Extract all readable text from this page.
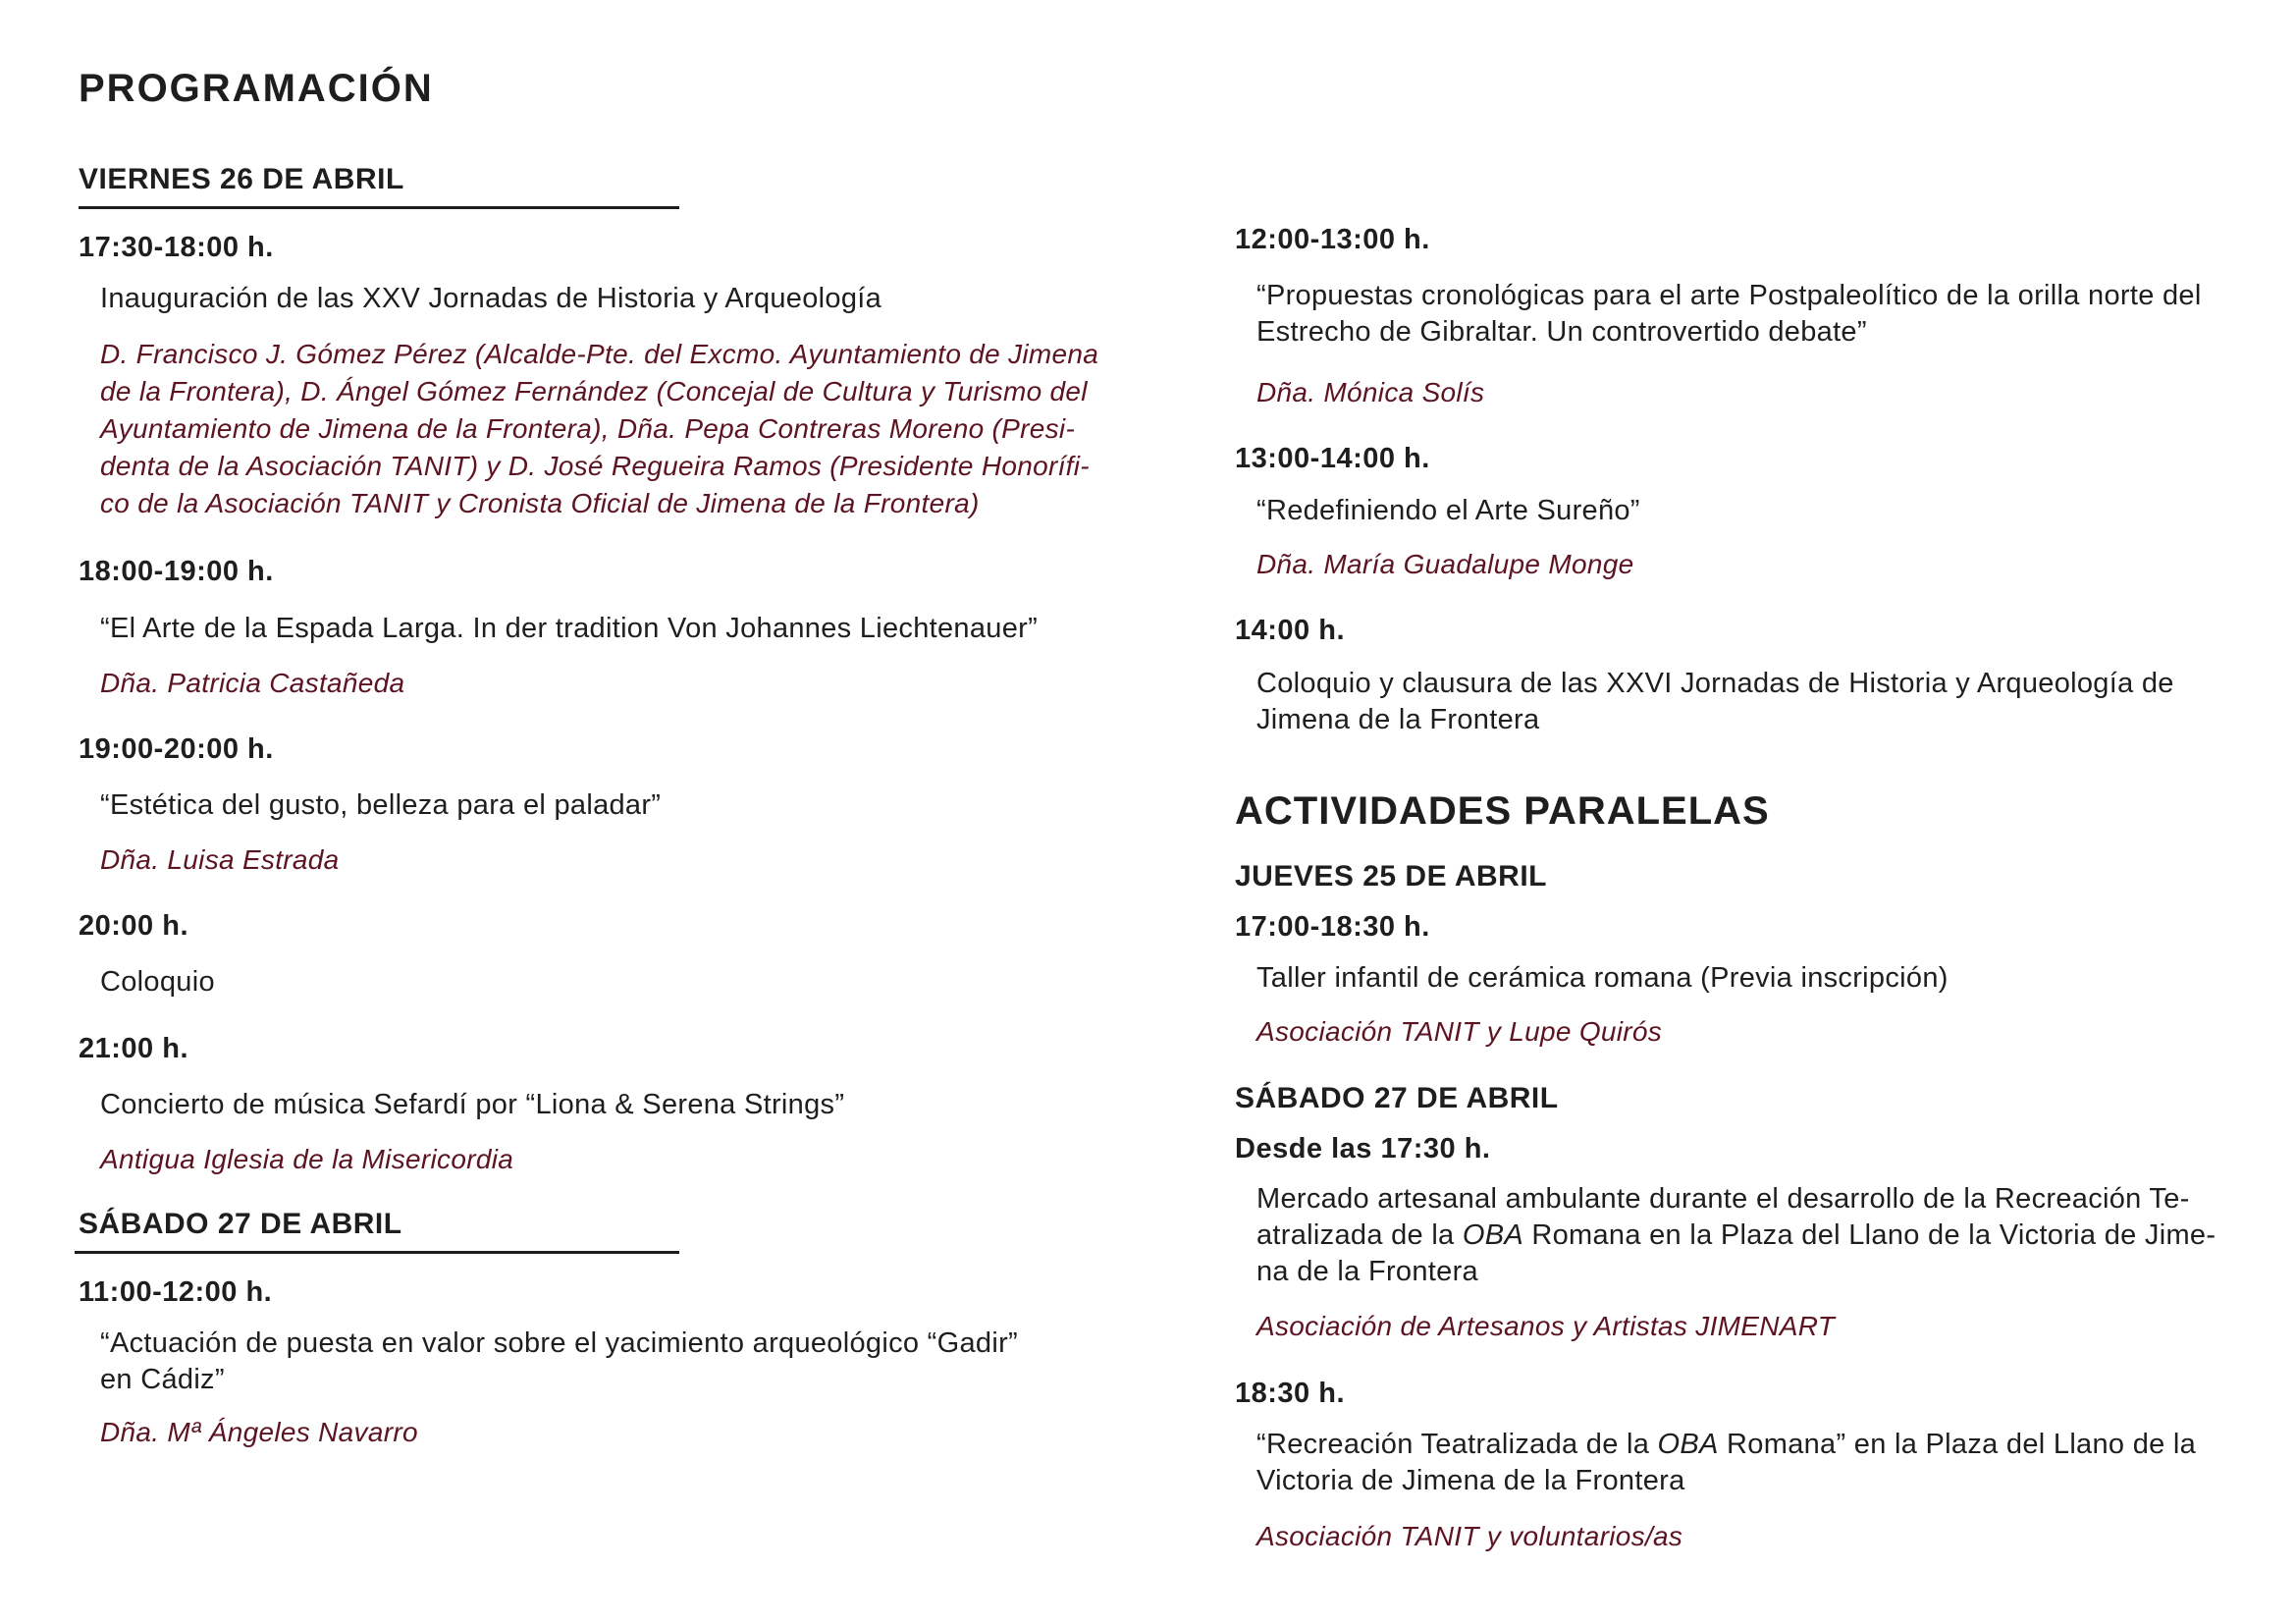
PROGRAMACIÓN
VIERNES 26 DE ABRIL
17:30-18:00 h.
Inauguración de las XXV Jornadas de Historia y Arqueología
D. Francisco J. Gómez Pérez (Alcalde-Pte. del Excmo. Ayuntamiento de Jimena
de la Frontera), D. Ángel Gómez Fernández (Concejal de Cultura y Turismo del
Ayuntamiento de Jimena de la Frontera), Dña. Pepa Contreras Moreno (Presi-
denta de la Asociación TANIT) y D. José Regueira Ramos (Presidente Honorífi-
co de la Asociación TANIT y Cronista Oficial de Jimena de la Frontera)
18:00-19:00 h.
“El Arte de la Espada Larga. In der tradition Von Johannes Liechtenauer”
Dña. Patricia Castañeda
19:00-20:00 h.
“Estética del gusto, belleza para el paladar”
Dña. Luisa Estrada
20:00 h.
Coloquio
21:00 h.
Concierto de música Sefardí por “Liona & Serena Strings”
Antigua Iglesia de la Misericordia
SÁBADO 27 DE ABRIL
11:00-12:00 h.
“Actuación de puesta en valor sobre el yacimiento arqueológico “Gadir”
en Cádiz”
Dña. Mª Ángeles Navarro
12:00-13:00 h.
“Propuestas cronológicas para el arte Postpaleolítico de la orilla norte del
Estrecho de Gibraltar. Un controvertido debate”
Dña. Mónica Solís
13:00-14:00 h.
“Redefiniendo el Arte Sureño”
Dña. María Guadalupe Monge
14:00 h.
Coloquio y clausura de las XXVI Jornadas de Historia y Arqueología de
Jimena de la Frontera
ACTIVIDADES PARALELAS
JUEVES 25 DE ABRIL
17:00-18:30 h.
Taller infantil de cerámica romana (Previa inscripción)
Asociación TANIT y Lupe Quirós
SÁBADO 27 DE ABRIL
Desde las 17:30 h.
Mercado artesanal ambulante durante el desarrollo de la Recreación Te-
atralizada de la OBA Romana en la Plaza del Llano de la Victoria de Jime-
na de la Frontera
Asociación de Artesanos y Artistas JIMENART
18:30 h.
“Recreación Teatralizada de la OBA Romana” en la Plaza del Llano de la
Victoria de Jimena de la Frontera
Asociación TANIT y voluntarios/as
